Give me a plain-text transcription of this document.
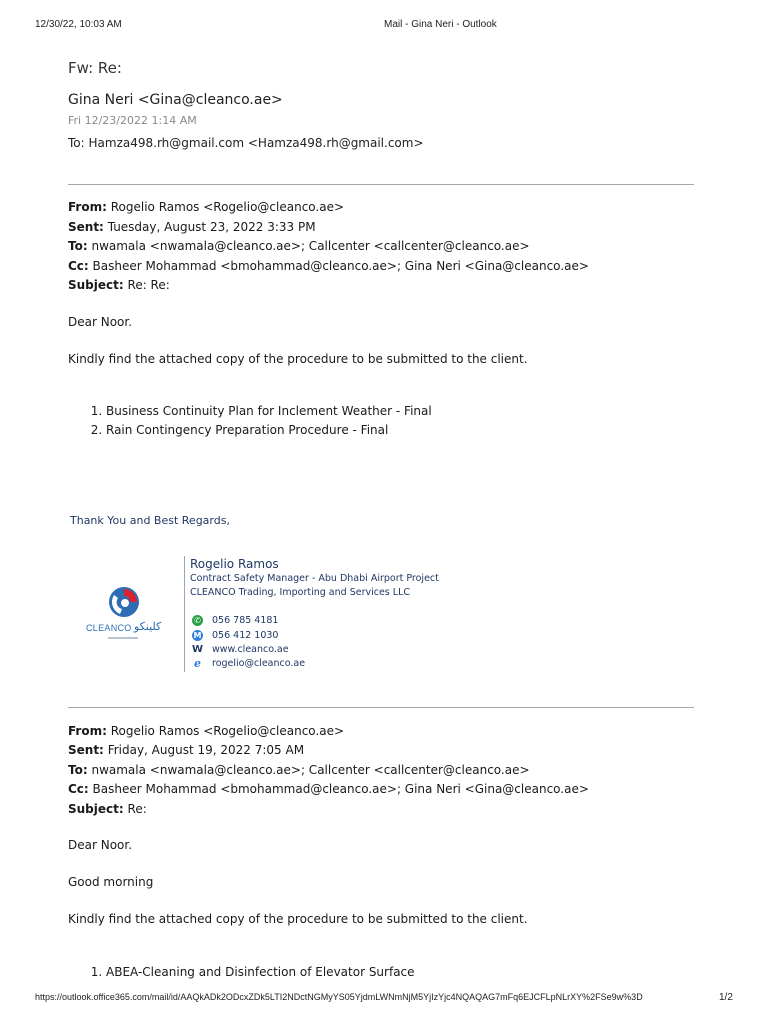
12/30/22, 10:03 AM	Mail - Gina Neri - Outlook
Fw: Re:
Gina Neri <Gina@cleanco.ae>
Fri 12/23/2022 1:14 AM
To: Hamza498.rh@gmail.com <Hamza498.rh@gmail.com>
From: Rogelio Ramos <Rogelio@cleanco.ae>
Sent: Tuesday, August 23, 2022 3:33 PM
To: nwamala <nwamala@cleanco.ae>; Callcenter <callcenter@cleanco.ae>
Cc: Basheer Mohammad <bmohammad@cleanco.ae>; Gina Neri <Gina@cleanco.ae>
Subject: Re: Re:
Dear Noor.
Kindly find the attached copy of the procedure to be submitted to the client.
1. Business Continuity Plan for Inclement Weather - Final
2. Rain Contingency Preparation Procedure - Final
Thank You and Best Regards,
CLEANCO كلينكو
Rogelio Ramos
Contract Safety Manager - Abu Dhabi Airport Project
CLEANCO Trading, Importing and Services LLC
✆ 056 785 4181
M 056 412 1030
W www.cleanco.ae
e rogelio@cleanco.ae
From: Rogelio Ramos <Rogelio@cleanco.ae>
Sent: Friday, August 19, 2022 7:05 AM
To: nwamala <nwamala@cleanco.ae>; Callcenter <callcenter@cleanco.ae>
Cc: Basheer Mohammad <bmohammad@cleanco.ae>; Gina Neri <Gina@cleanco.ae>
Subject: Re:
Dear Noor.
Good morning
Kindly find the attached copy of the procedure to be submitted to the client.
1. ABEA-Cleaning and Disinfection of Elevator Surface
https://outlook.office365.com/mail/id/AAQkADk2ODcxZDk5LTI2NDctNGMyYS05YjdmLWNmNjM5YjIzYjc4NQAQAG7mFq6EJCFLpNLrXY%2FSe9w%3D	1/2
